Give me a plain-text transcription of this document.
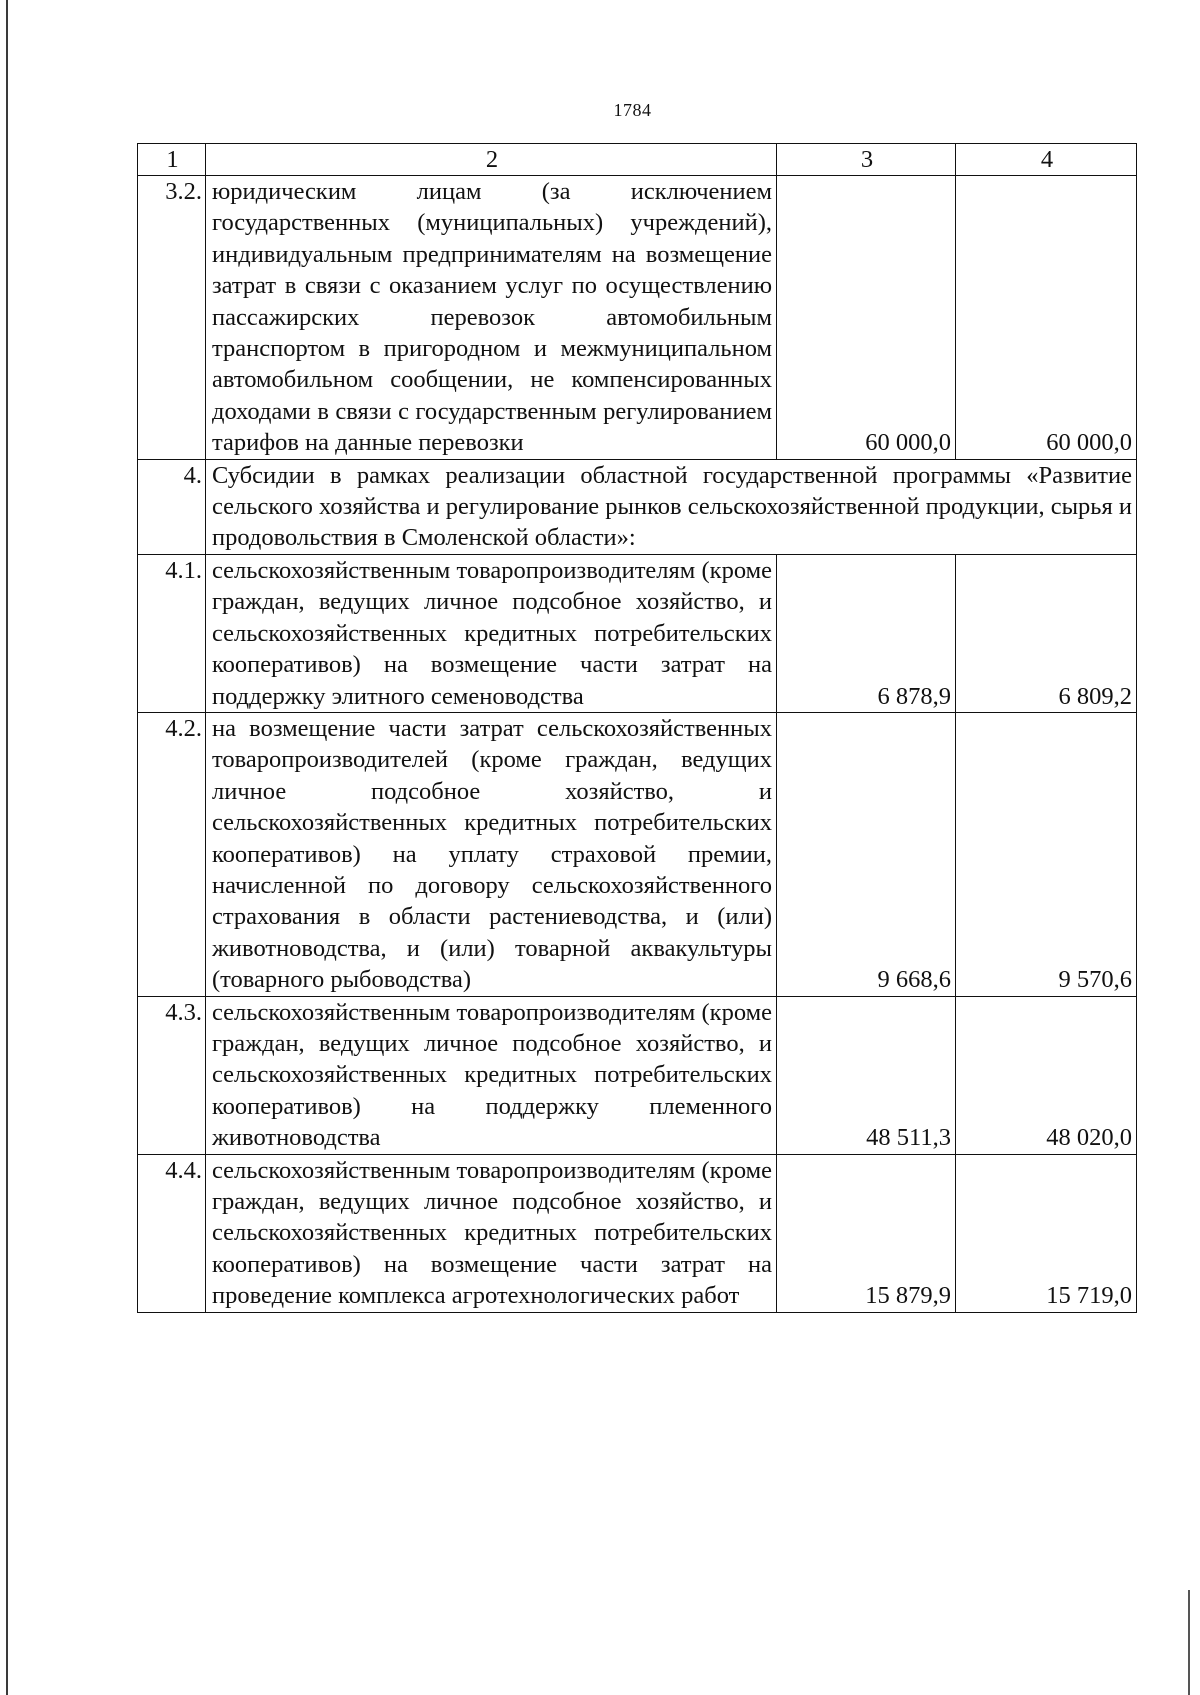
1784
1	2	3	4
3.2.	юридическим лицам (за исключением государственных (муниципальных) учреждений), индивидуальным предпринимателям на возмещение затрат в связи с оказанием услуг по осуществлению пассажирских перевозок автомобильным транспортом в пригородном и межмуниципальном автомобильном сообщении, не компенсированных доходами в связи с государственным регулированием тарифов на данные перевозки	60 000,0	60 000,0
4.	Субсидии в рамках реализации областной государственной программы «Развитие сельского хозяйства и регулирование рынков сельскохозяйственной продукции, сырья и продовольствия в Смоленской области»:		
4.1.	сельскохозяйственным товаропроизводителям (кроме граждан, ведущих личное подсобное хозяйство, и сельскохозяйственных кредитных потребительских кооперативов) на возмещение части затрат на поддержку элитного семеноводства	6 878,9	6 809,2
4.2.	на возмещение части затрат сельскохозяйственных товаропроизводителей (кроме граждан, ведущих личное подсобное хозяйство, и сельскохозяйственных кредитных потребительских кооперативов) на уплату страховой премии, начисленной по договору сельскохозяйственного страхования в области растениеводства, и (или) животноводства, и (или) товарной аквакультуры (товарного рыбоводства)	9 668,6	9 570,6
4.3.	сельскохозяйственным товаропроизводителям (кроме граждан, ведущих личное подсобное хозяйство, и сельскохозяйственных кредитных потребительских кооперативов) на поддержку племенного животноводства	48 511,3	48 020,0
4.4.	сельскохозяйственным товаропроизводителям (кроме граждан, ведущих личное подсобное хозяйство, и сельскохозяйственных кредитных потребительских кооперативов) на возмещение части затрат на проведение комплекса агротехнологических работ	15 879,9	15 719,0
